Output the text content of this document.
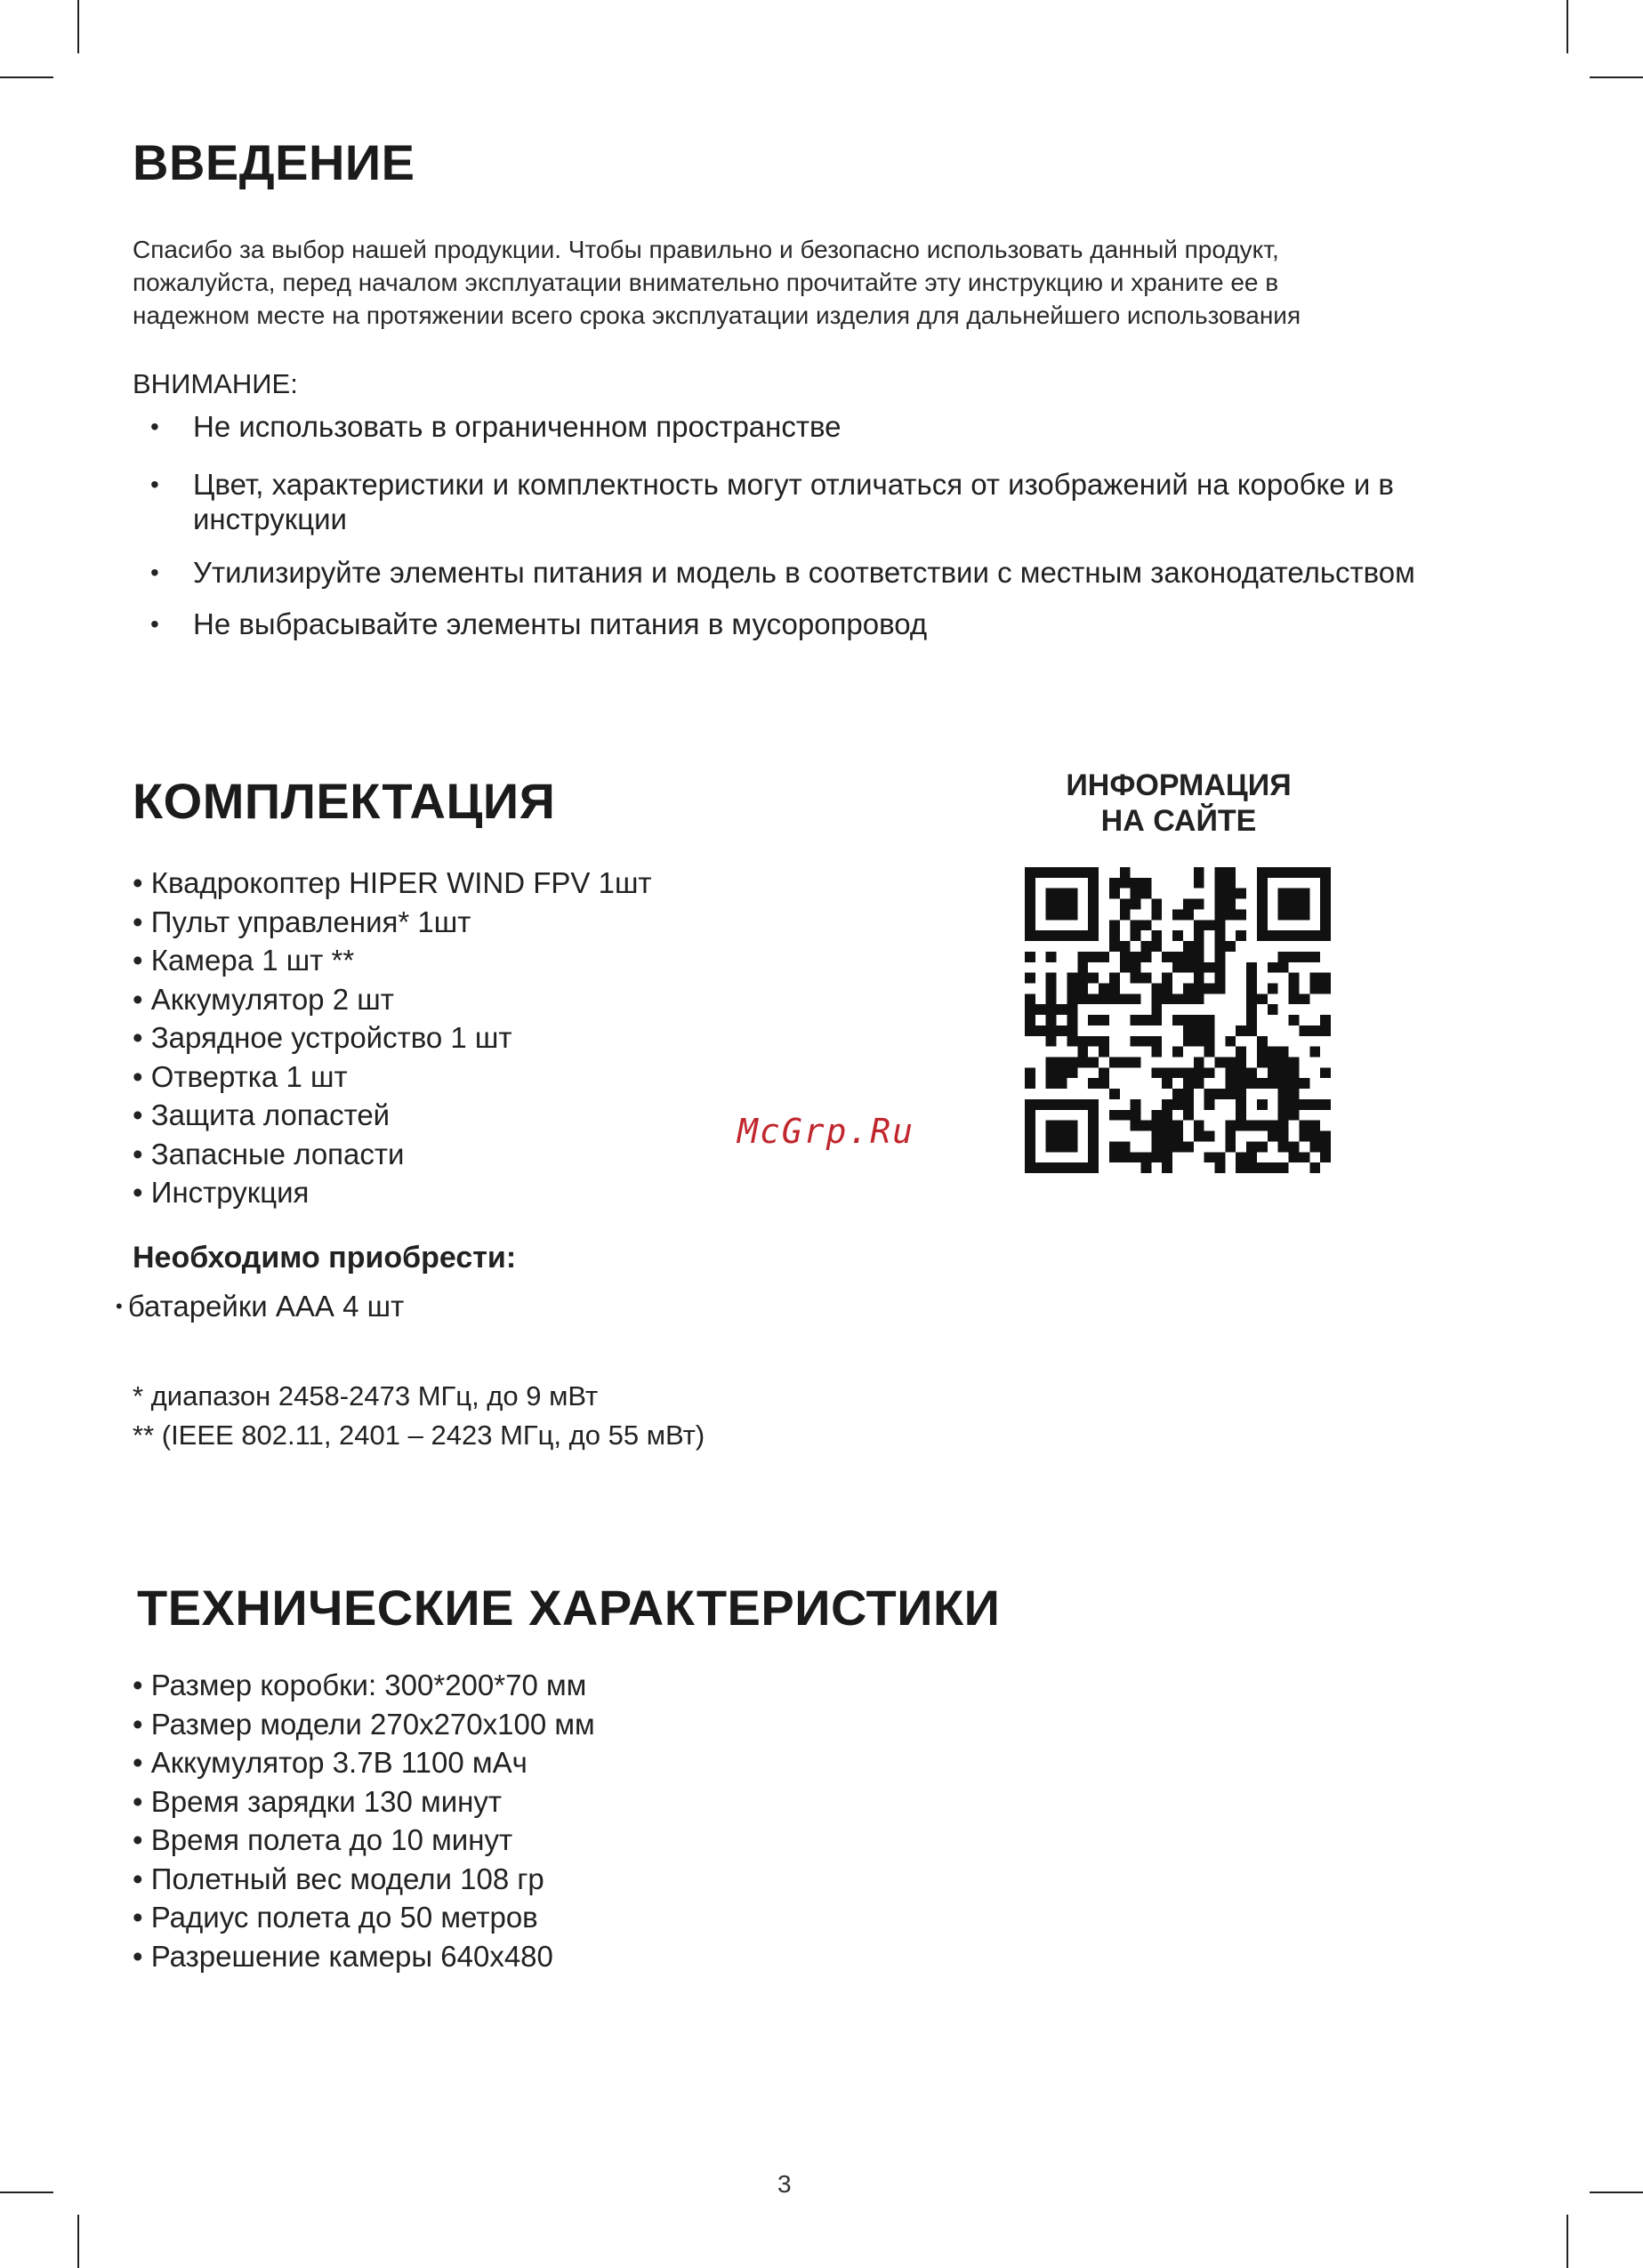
ВВЕДЕНИЕ

Спасибо за выбор нашей продукции. Чтобы правильно и безопасно использовать данный продукт, пожалуйста, перед началом эксплуатации внимательно прочитайте эту инструкцию и храните ее в надежном месте на протяжении всего срока эксплуатации изделия для дальнейшего использования

ВНИМАНИЕ:

• Не использовать в ограниченном пространстве
• Цвет, характеристики и комплектность могут отличаться от изображений на коробке и в инструкции
• Утилизируйте элементы питания и модель в соответствии с местным законодательством
• Не выбрасывайте элементы питания в мусоропровод
КОМПЛЕКТАЦИЯ
• Квадрокоптер HIPER WIND FPV 1шт
• Пульт управления* 1шт
• Камера 1 шт **
• Аккумулятор 2 шт
• Зарядное устройство 1 шт
• Отвертка 1 шт
• Защита лопастей
• Запасные лопасти
• Инструкция

Необходимо приобрести:

• батарейки ААА 4 шт

* диапазон 2458-2473 МГц, до 9 мВт

** (IEEE 802.11, 2401 – 2423 МГц, до 55 мВт)

ИНФОРМАЦИЯ
НА САЙТЕ

McGrp.Ru

ТЕХНИЧЕСКИЕ ХАРАКТЕРИСТИКИ
• Размер коробки: 300*200*70 мм
• Размер модели 270x270x100 мм
• Аккумулятор 3.7В 1100 мАч
• Время зарядки 130 минут
• Время полета до 10 минут
• Полетный вес модели 108 гр
• Радиус полета до 50 метров
• Разрешение камеры 640x480

3
